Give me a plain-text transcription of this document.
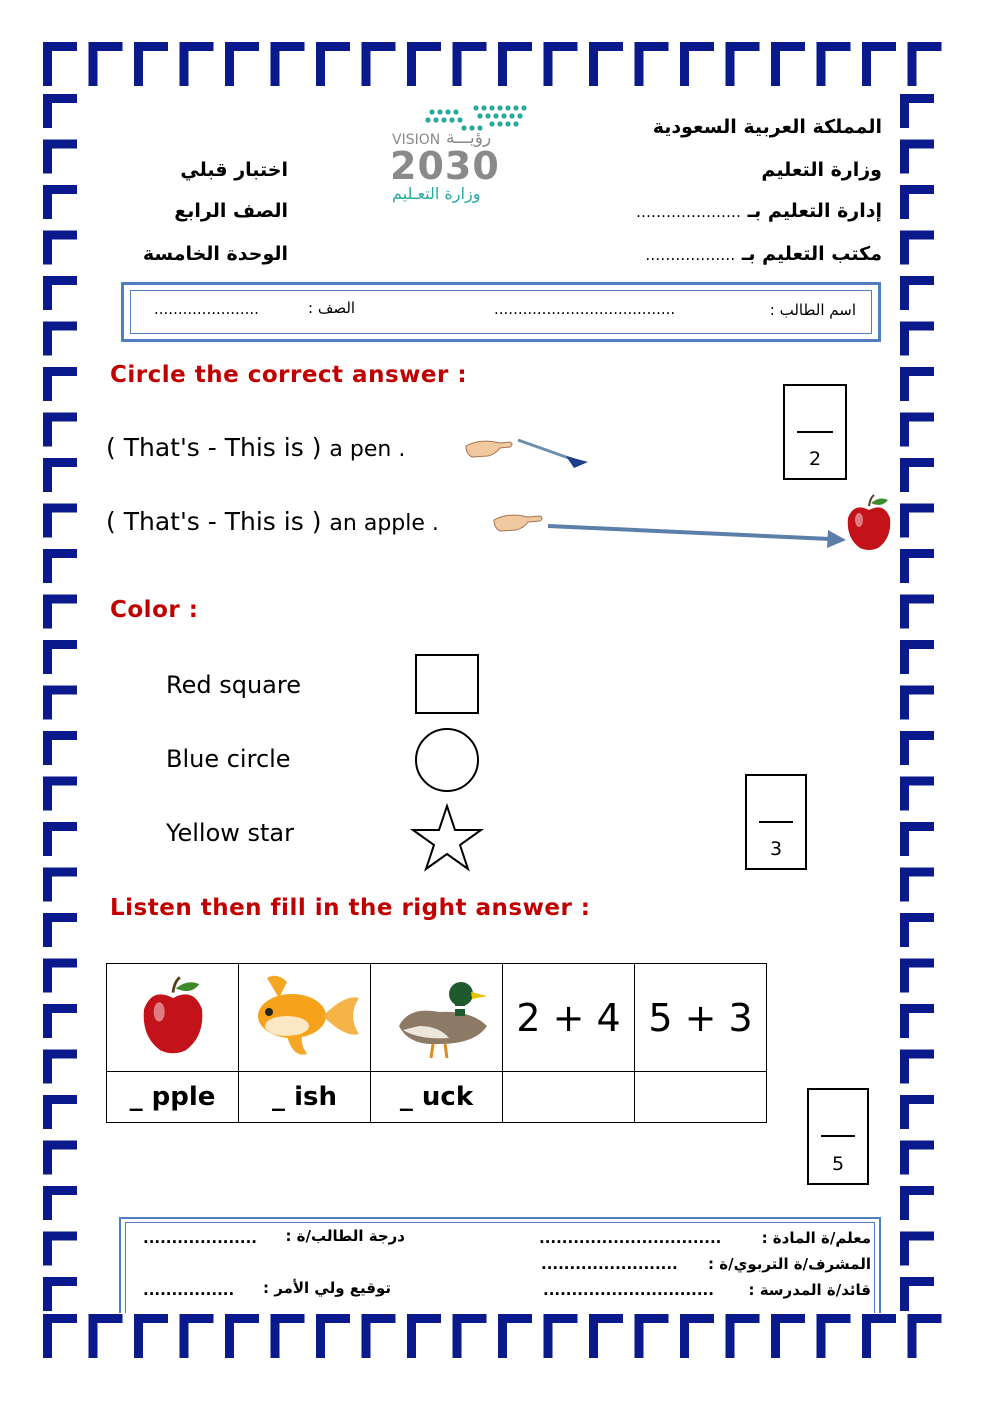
المملكة العربية السعودية
وزارة التعليم
إدارة التعليم بـ …………………
مكتب التعليم بـ ………………
اختبار قبلي
الصف الرابع
الوحدة الخامسة
VISION رؤيـــة
2030
وزارة التعـليم
اسم الطالب :
......................................
الصف :
......................
Circle the correct answer :
( That's - This is ) a pen .
( That's - This is ) an apple .
2
Color :
Red square
Blue circle
Yellow star
3
Listen then fill in the right answer :
			2 + 4	5 + 3
_ pple	_ ish	_ uck		
5
معلم/ة المادة :
................................
درجة الطالب/ة :
....................
المشرف/ة التربوي/ة :
........................
قائد/ة المدرسة :
..............................
توقيع ولي الأمر :
................
